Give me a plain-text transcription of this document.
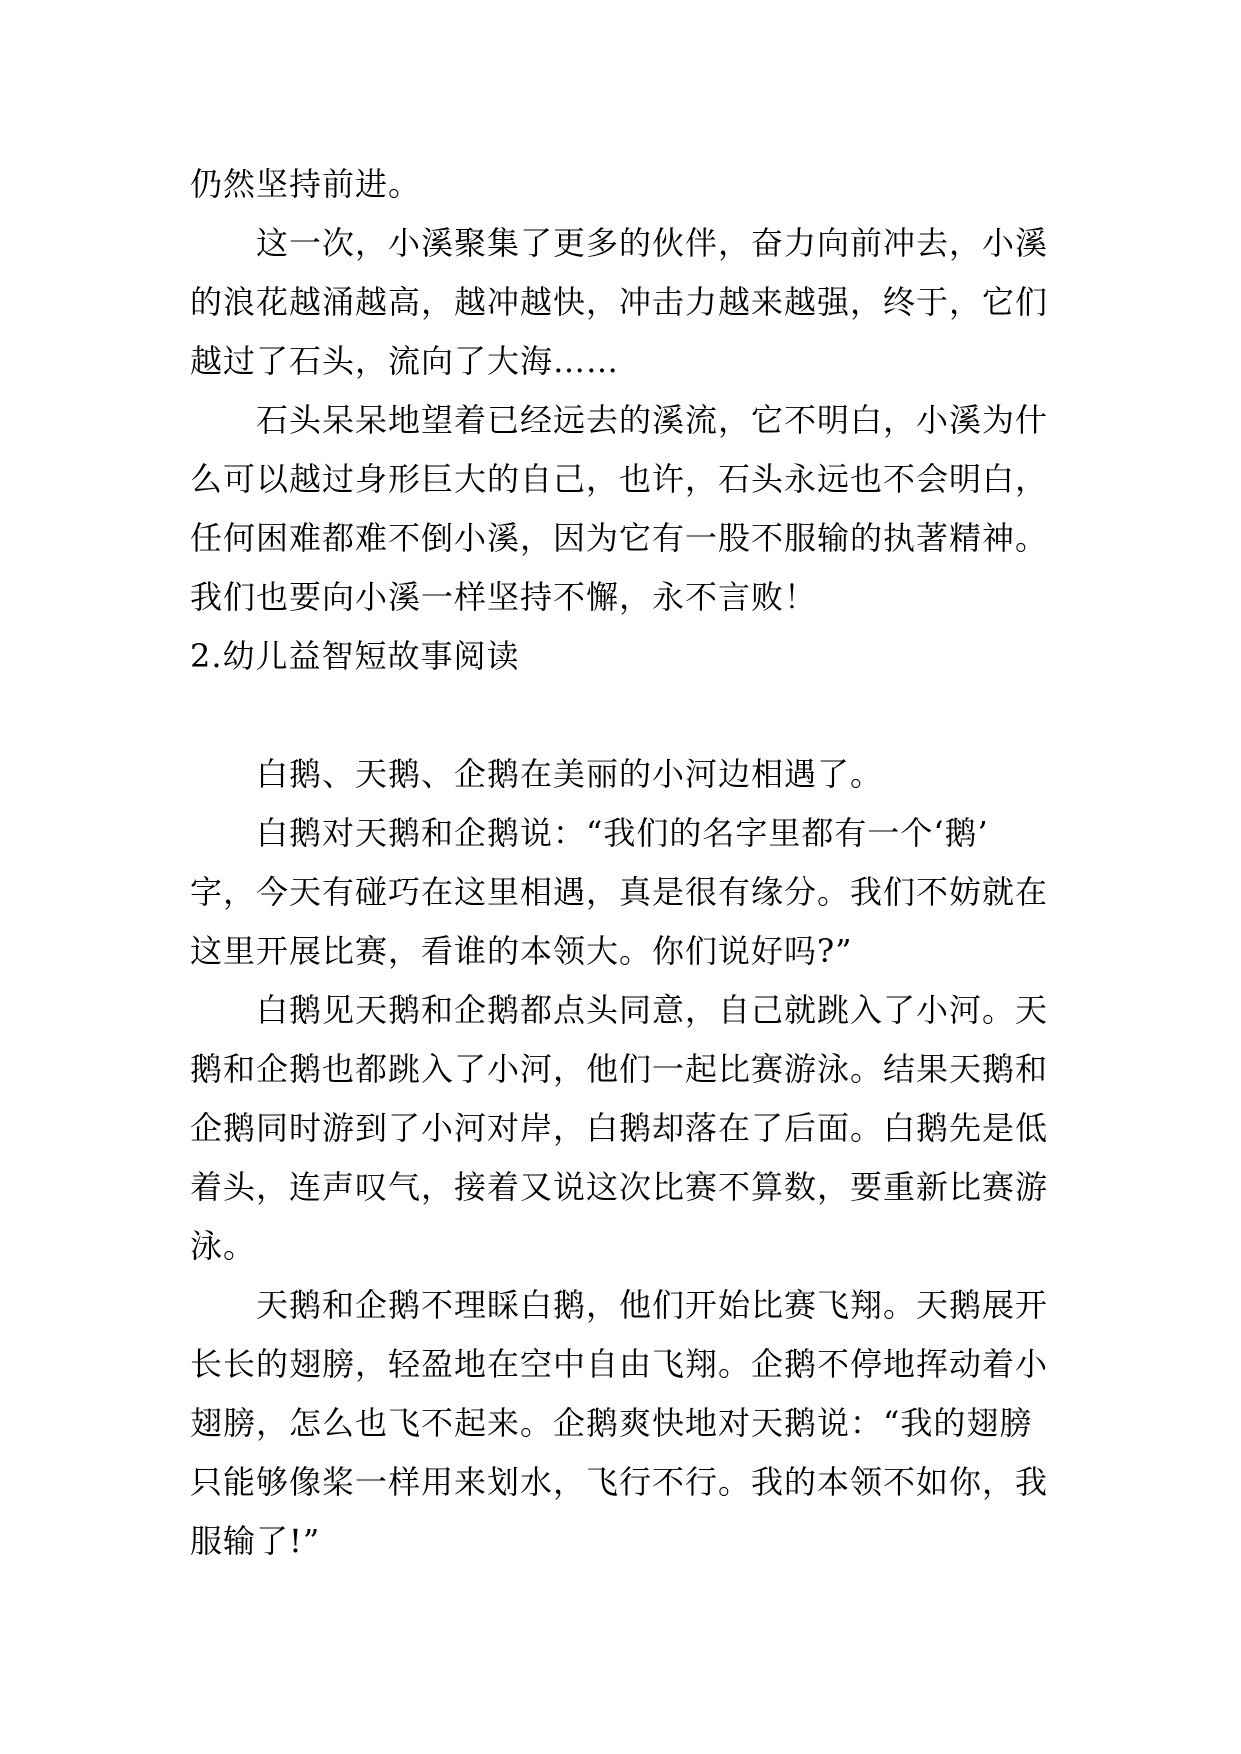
仍然坚持前进。

这一次，小溪聚集了更多的伙伴，奋力向前冲去，小溪

的浪花越涌越高，越冲越快，冲击力越来越强，终于，它们

越过了石头，流向了大海……

石头呆呆地望着已经远去的溪流，它不明白，小溪为什

么可以越过身形巨大的自己，也许，石头永远也不会明白，

任何困难都难不倒小溪，因为它有一股不服输的执著精神。

我们也要向小溪一样坚持不懈，永不言败！

2.幼儿益智短故事阅读

白鹅、天鹅、企鹅在美丽的小河边相遇了。

白鹅对天鹅和企鹅说：“我们的名字里都有一个‘鹅’

字，今天有碰巧在这里相遇，真是很有缘分。我们不妨就在

这里开展比赛，看谁的本领大。你们说好吗?”

白鹅见天鹅和企鹅都点头同意，自己就跳入了小河。天

鹅和企鹅也都跳入了小河，他们一起比赛游泳。结果天鹅和

企鹅同时游到了小河对岸，白鹅却落在了后面。白鹅先是低

着头，连声叹气，接着又说这次比赛不算数，要重新比赛游

泳。

天鹅和企鹅不理睬白鹅，他们开始比赛飞翔。天鹅展开

长长的翅膀，轻盈地在空中自由飞翔。企鹅不停地挥动着小

翅膀，怎么也飞不起来。企鹅爽快地对天鹅说：“我的翅膀

只能够像桨一样用来划水，飞行不行。我的本领不如你，我

服输了!”
